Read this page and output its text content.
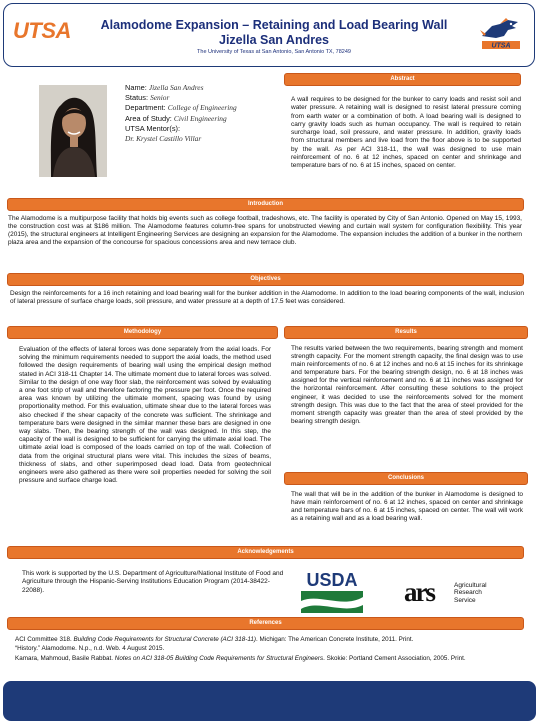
UTSA	Alamodome Expansion – Retaining and Load Bearing Wall
Jizella San Andres
The University of Texas at San Antonio, San Antonio TX, 78249
UTSA
Name: Jizella San Andres
Status: Senior
Department: College of Engineering
Area of Study: Civil Engineering
UTSA Mentor(s):
Dr. Krystel Castillo Villar
Abstract
A wall requires to be designed for the bunker to carry loads and resist soil and water pressure. A retaining wall is designed to resist lateral pressure coming from earth water or a combination of both. A load bearing wall is designed to carry gravity loads such as human occupancy. The wall is required to retain surcharge load, soil pressure, and water pressure. In addition, gravity loads from structural members and live load from the floor above is to be supported by the wall. As per ACI 318-11, the wall was designed to use main reinforcement of no. 6 at 12 inches, spaced on center and shrinkage and temperature bars of no. 6 at 15 inches, spaced on center.
Introduction
The Alamodome is a multipurpose facility that holds big events such as college football, tradeshows, etc. The facility is operated by City of San Antonio. Opened on May 15, 1993, the construction cost was at $186 million. The Alamodome features column-free spans for unobstructed viewing and curtain wall system for configuration flexibility. This year (2015), the structural engineers at Intelligent Engineering Services are designing an expansion for the Alamodome. The expansion includes the addition of a bunker in the northern plaza area and the expansion of the concourse for spacious concessions area and new terrace club.
Objectives
Design the reinforcements for a 16 inch retaining and load bearing wall for the bunker addition in the Alamodome. In addition to the load bearing components of the wall, inclusion of lateral pressure of surface charge loads, soil pressure, and water pressure at a depth of 17.5 feet was considered.
Methodology
Evaluation of the effects of lateral forces was done separately from the axial loads. For solving the minimum requirements needed to support the axial loads, the method used followed the design requirements of bearing wall using the empirical design method stated in ACI 318-11 Chapter 14. The ultimate moment due to lateral forces was solved. Similar to the design of one way floor slab, the reinforcement was solved by evaluating a one foot strip of wall and therefore factoring the pressure per foot. Once the required area was known by utilizing the ultimate moment, spacing was found by using proportionality method. For this evaluation, ultimate shear due to the lateral forces was also checked if the shear capacity of the concrete was sufficient. The shrinkage and temperature bars were designed in the similar manner these bars are designed in one way slabs. Then, the bearing strength of the wall was designed. In this step, the capacity of the wall is designed to be sufficient for carrying the ultimate axial load. The ultimate axial load is composed of the loads carried on top of the wall. Collection of data from the original structural plans were vital. This includes the sizes of beams, thickness of slabs, and other superimposed dead load. Data from geotechnical engineers were also gathered as there were soil properties needed for solving the soil pressure and surface charge load.
Results
The results varied between the two requirements, bearing strength and moment strength capacity. For the moment strength capacity, the final design was to use main reinforcements of no. 6 at 12 inches and no.6 at 15 inches for its shrinkage and temperature bars. For the bearing strength design, no. 6 at 18 inches was assigned for the vertical reinforcement and no. 6 at 11 inches was assigned for the horizontal reinforcement. After consulting these solutions to the project engineer, it was decided to use the reinforcements solved for the moment strength design. This was due to the fact that the area of steel provided for the moment strength capacity was greater than the area of steel provided by the bearing strength design.
Conclusions
The wall that will be in the addition of the bunker in Alamodome is designed to have main reinforcement of no. 6 at 12 inches, spaced on center and shrinkage and temperature bars of no. 6 at 15 inches, spaced on center. The wall will work as a retaining wall and as a load bearing wall.
Acknowledgements
This work is supported by the U.S. Department of Agriculture/National Institute of Food and Agriculture through the Hispanic-Serving Institutions Education Program (2014-38422-22088).
USDA ars	Agricultural
Research
Service
References
ACI Committee 318. Building Code Requirements for Structural Concrete (ACI 318-11). Michigan: The American Concrete Institute, 2011. Print.
“History.” Alamodome. N.p., n.d. Web. 4 August 2015.
Kamara, Mahmoud, Basile Rabbat. Notes on ACI 318-05 Building Code Requirements for Structural Engineers. Skokie: Portland Cement Association, 2005. Print.
